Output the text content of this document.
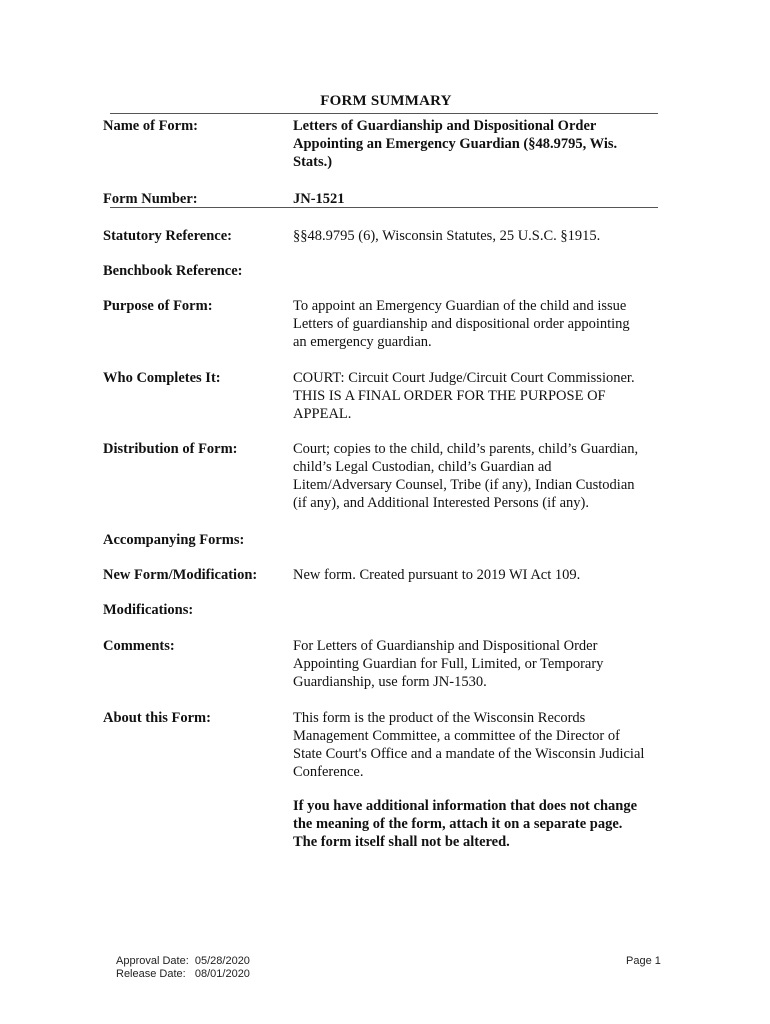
FORM SUMMARY
Name of Form:	Letters of Guardianship and Dispositional Order
Appointing an Emergency Guardian (§48.9795, Wis.
Stats.)
Form Number:	JN-1521
Statutory Reference:	§§48.9795 (6), Wisconsin Statutes, 25 U.S.C. §1915.
Benchbook Reference:
Purpose of Form:	To appoint an Emergency Guardian of the child and issue
Letters of guardianship and dispositional order appointing
an emergency guardian.
Who Completes It:	COURT: Circuit Court Judge/Circuit Court Commissioner.
THIS IS A FINAL ORDER FOR THE PURPOSE OF
APPEAL.
Distribution of Form:	Court; copies to the child, child’s parents, child’s Guardian,
child’s Legal Custodian, child’s Guardian ad
Litem/Adversary Counsel, Tribe (if any), Indian Custodian
(if any), and Additional Interested Persons (if any).
Accompanying Forms:
New Form/Modification:	New form. Created pursuant to 2019 WI Act 109.
Modifications:
Comments:	For Letters of Guardianship and Dispositional Order
Appointing Guardian for Full, Limited, or Temporary
Guardianship, use form JN-1530.
About this Form:	This form is the product of the Wisconsin Records
Management Committee, a committee of the Director of
State Court's Office and a mandate of the Wisconsin Judicial
Conference.
If you have additional information that does not change
the meaning of the form, attach it on a separate page.
The form itself shall not be altered.
Approval Date:  05/28/2020
Release Date:   08/01/2020
Page 1
